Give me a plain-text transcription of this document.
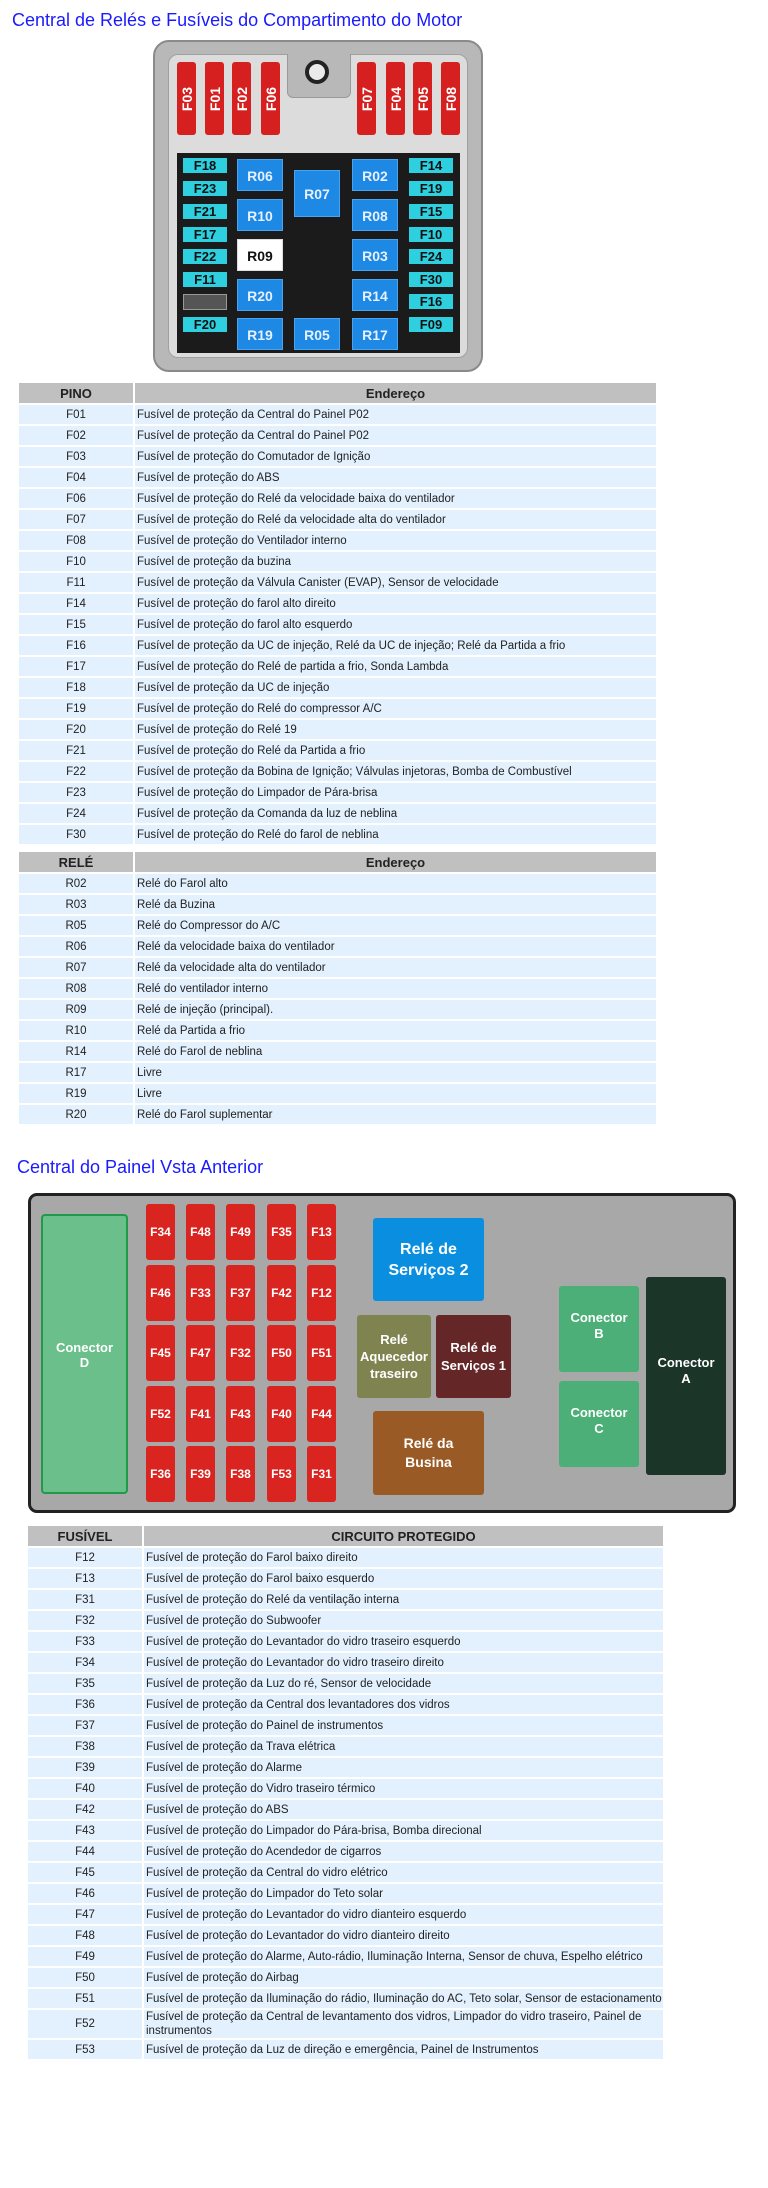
Central de Relés e Fusíveis do Compartimento do Motor
F03 F01 F02 F06	F07 F04 F05 F08
F18
F23
F21
F17
F22
F11
F20
F14
F19
F15
F10
F24
F30
F16
F09
R06
R07
R02
R10	R08
R09	R03
R20	R14
R19	R05	R17
PINO	Endereço
F01	Fusível de proteção da Central do Painel P02
F02	Fusível de proteção da Central do Painel P02
F03	Fusível de proteção do Comutador de Ignição
F04	Fusível de proteção do ABS
F06	Fusível de proteção do Relé da velocidade baixa do ventilador
F07	Fusível de proteção do Relé da velocidade alta do ventilador
F08	Fusível de proteção do Ventilador interno
F10	Fusível de proteção da buzina
F11	Fusível de proteção da Válvula Canister (EVAP), Sensor de velocidade
F14	Fusível de proteção do farol alto direito
F15	Fusível de proteção do farol alto esquerdo
F16	Fusível de proteção da UC de injeção, Relé da UC de injeção; Relé da Partida a frio
F17	Fusível de proteção do Relé de partida a frio, Sonda Lambda
F18	Fusível de proteção da UC de injeção
F19	Fusível de proteção do Relé do compressor A/C
F20	Fusível de proteção do Relé 19
F21	Fusível de proteção do Relé da Partida a frio
F22	Fusível de proteção da Bobina de Ignição; Válvulas injetoras, Bomba de Combustível
F23	Fusível de proteção do Limpador de Pára-brisa
F24	Fusível de proteção da Comanda da luz de neblina
F30	Fusível de proteção do Relé do farol de neblina
RELÉ	Endereço
R02	Relé do Farol alto
R03	Relé da Buzina
R05	Relé do Compressor do A/C
R06	Relé da velocidade baixa do ventilador
R07	Relé da velocidade alta do ventilador
R08	Relé do ventilador interno
R09	Relé de injeção (principal).
R10	Relé da Partida a frio
R14	Relé do Farol de neblina
R17	Livre
R19	Livre
R20	Relé do Farol suplementar
Central do Painel Vsta Anterior
Conector
D
F34	F48	F49	F35	F13
F46	F33	F37	F42	F12
F45	F47	F32	F50	F51
F52	F41	F43	F40	F44
F36	F39	F38	F53	F31
Relé de
Serviços 2
Relé
Aquecedor
traseiro
Relé de
Serviços 1
Relé da
Busina
Conector
B
Conector
C
Conector
A
FUSÍVEL	CIRCUITO PROTEGIDO
F12	Fusível de proteção do Farol baixo direito
F13	Fusível de proteção do Farol baixo esquerdo
F31	Fusível de proteção do Relé da ventilação interna
F32	Fusível de proteção do Subwoofer
F33	Fusível de proteção do Levantador do vidro traseiro esquerdo
F34	Fusível de proteção do Levantador do vidro traseiro direito
F35	Fusível de proteção da Luz do ré, Sensor de velocidade
F36	Fusível de proteção da Central dos levantadores dos vidros
F37	Fusível de proteção do Painel de instrumentos
F38	Fusível de proteção da Trava elétrica
F39	Fusível de proteção do Alarme
F40	Fusível de proteção do Vidro traseiro térmico
F42	Fusível de proteção do ABS
F43	Fusível de proteção do Limpador do Pára-brisa, Bomba direcional
F44	Fusível de proteção do Acendedor de cigarros
F45	Fusível de proteção da Central do vidro elétrico
F46	Fusível de proteção do Limpador do Teto solar
F47	Fusível de proteção do Levantador do vidro dianteiro esquerdo
F48	Fusível de proteção do Levantador do vidro dianteiro direito
F49	Fusível de proteção do Alarme, Auto-rádio, Iluminação Interna, Sensor de chuva, Espelho elétrico
F50	Fusível de proteção do Airbag
F51	Fusível de proteção da Iluminação do rádio, Iluminação do AC, Teto solar, Sensor de estacionamento
F52	Fusível de proteção da Central de levantamento dos vidros, Limpador do vidro traseiro, Painel de instrumentos
F53	Fusível de proteção da Luz de direção e emergência, Painel de Instrumentos
